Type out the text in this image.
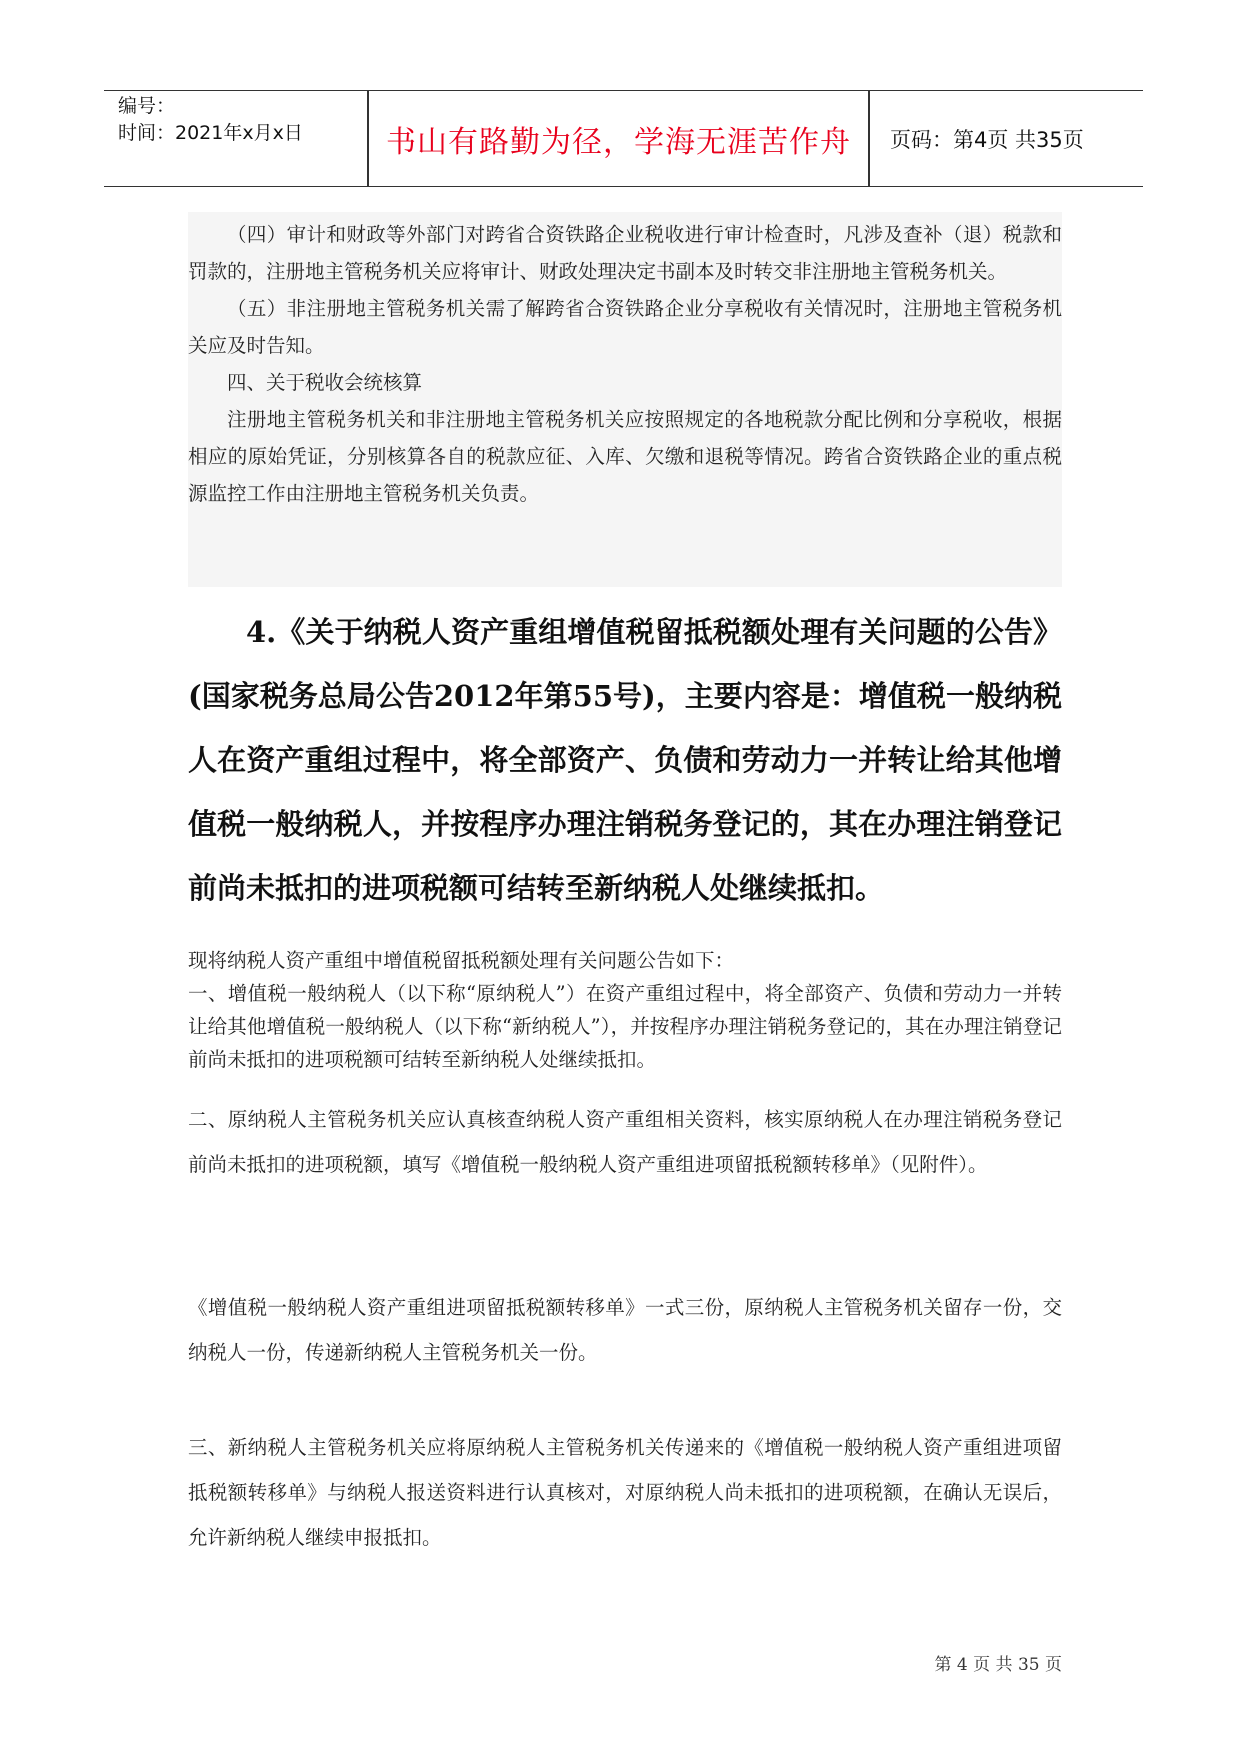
编号：
时间：2021年x月x日	书山有路勤为径，学海无涯苦作舟	页码：第4页 共35页

（四）审计和财政等外部门对跨省合资铁路企业税收进行审计检查时，凡涉及查补（退）税款和罚款的，注册地主管税务机关应将审计、财政处理决定书副本及时转交非注册地主管税务机关。

（五）非注册地主管税务机关需了解跨省合资铁路企业分享税收有关情况时，注册地主管税务机关应及时告知。

四、关于税收会统核算

注册地主管税务机关和非注册地主管税务机关应按照规定的各地税款分配比例和分享税收，根据相应的原始凭证，分别核算各自的税款应征、入库、欠缴和退税等情况。跨省合资铁路企业的重点税源监控工作由注册地主管税务机关负责。

4.《关于纳税人资产重组增值税留抵税额处理有关问题的公告》(国家税务总局公告2012年第55号)，主要内容是：增值税一般纳税人在资产重组过程中，将全部资产、负债和劳动力一并转让给其他增值税一般纳税人，并按程序办理注销税务登记的，其在办理注销登记前尚未抵扣的进项税额可结转至新纳税人处继续抵扣。

现将纳税人资产重组中增值税留抵税额处理有关问题公告如下：

一、增值税一般纳税人（以下称“原纳税人”）在资产重组过程中，将全部资产、负债和劳动力一并转让给其他增值税一般纳税人（以下称“新纳税人”），并按程序办理注销税务登记的，其在办理注销登记前尚未抵扣的进项税额可结转至新纳税人处继续抵扣。

二、原纳税人主管税务机关应认真核查纳税人资产重组相关资料，核实原纳税人在办理注销税务登记前尚未抵扣的进项税额，填写《增值税一般纳税人资产重组进项留抵税额转移单》（见附件）。

《增值税一般纳税人资产重组进项留抵税额转移单》一式三份，原纳税人主管税务机关留存一份，交纳税人一份，传递新纳税人主管税务机关一份。

三、新纳税人主管税务机关应将原纳税人主管税务机关传递来的《增值税一般纳税人资产重组进项留抵税额转移单》与纳税人报送资料进行认真核对，对原纳税人尚未抵扣的进项税额，在确认无误后，允许新纳税人继续申报抵扣。

第 4 页 共 35 页
